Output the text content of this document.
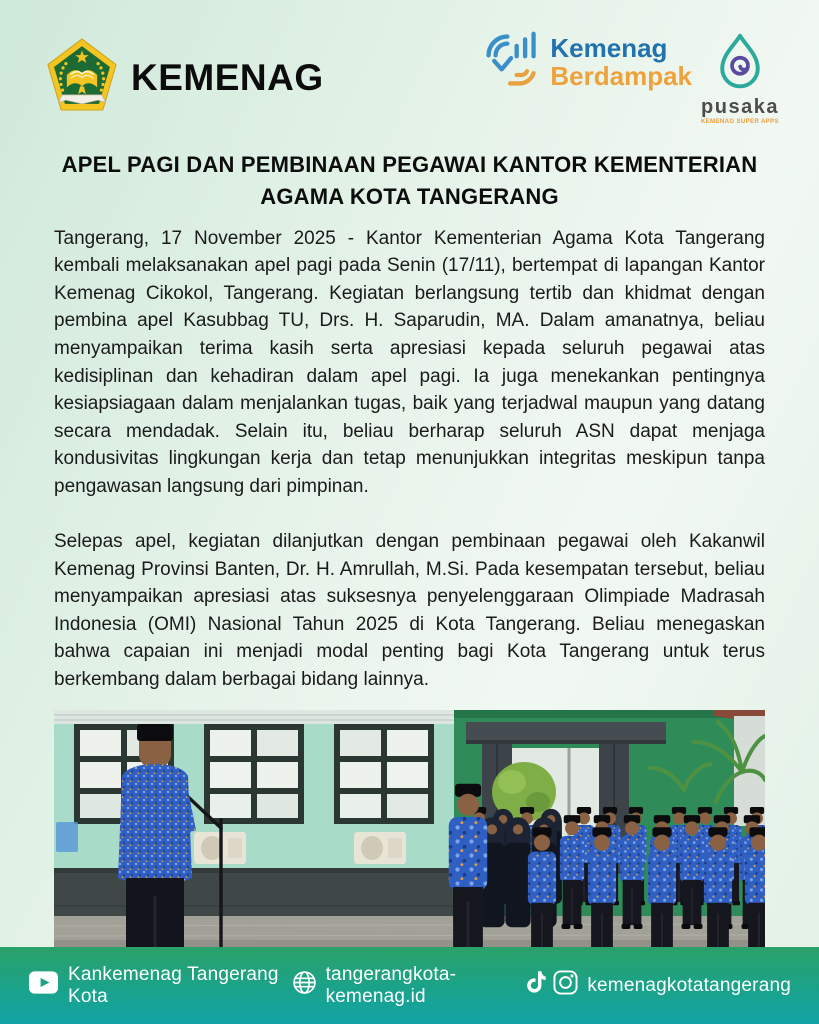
KEMENAG
Kemenag
Berdampak
pusaka
KEMENAG SUPER APPS
APEL PAGI DAN PEMBINAAN PEGAWAI KANTOR KEMENTERIAN
AGAMA KOTA TANGERANG

Tangerang, 17 November 2025 - Kantor Kementerian Agama Kota Tangerang kembali melaksanakan apel pagi pada Senin (17/11), bertempat di lapangan Kantor Kemenag Cikokol, Tangerang. Kegiatan berlangsung tertib dan khidmat dengan pembina apel Kasubbag TU, Drs. H. Saparudin, MA. Dalam amanatnya, beliau menyampaikan terima kasih serta apresiasi kepada seluruh pegawai atas kedisiplinan dan kehadiran dalam apel pagi. Ia juga menekankan pentingnya kesiapsiagaan dalam menjalankan tugas, baik yang terjadwal maupun yang datang secara mendadak. Selain itu, beliau berharap seluruh ASN dapat menjaga kondusivitas lingkungan kerja dan tetap menunjukkan integritas meskipun tanpa pengawasan langsung dari pimpinan.

Selepas apel, kegiatan dilanjutkan dengan pembinaan pegawai oleh Kakanwil Kemenag Provinsi Banten, Dr. H. Amrullah, M.Si. Pada kesempatan tersebut, beliau menyampaikan apresiasi atas suksesnya penyelenggaraan Olimpiade Madrasah Indonesia (OMI) Nasional Tahun 2025 di Kota Tangerang. Beliau menegaskan bahwa capaian ini menjadi modal penting bagi Kota Tangerang untuk terus berkembang dalam berbagai bidang lainnya.

Kankemenag Tangerang Kota
tangerangkota-kemenag.id
kemenagkotatangerang
